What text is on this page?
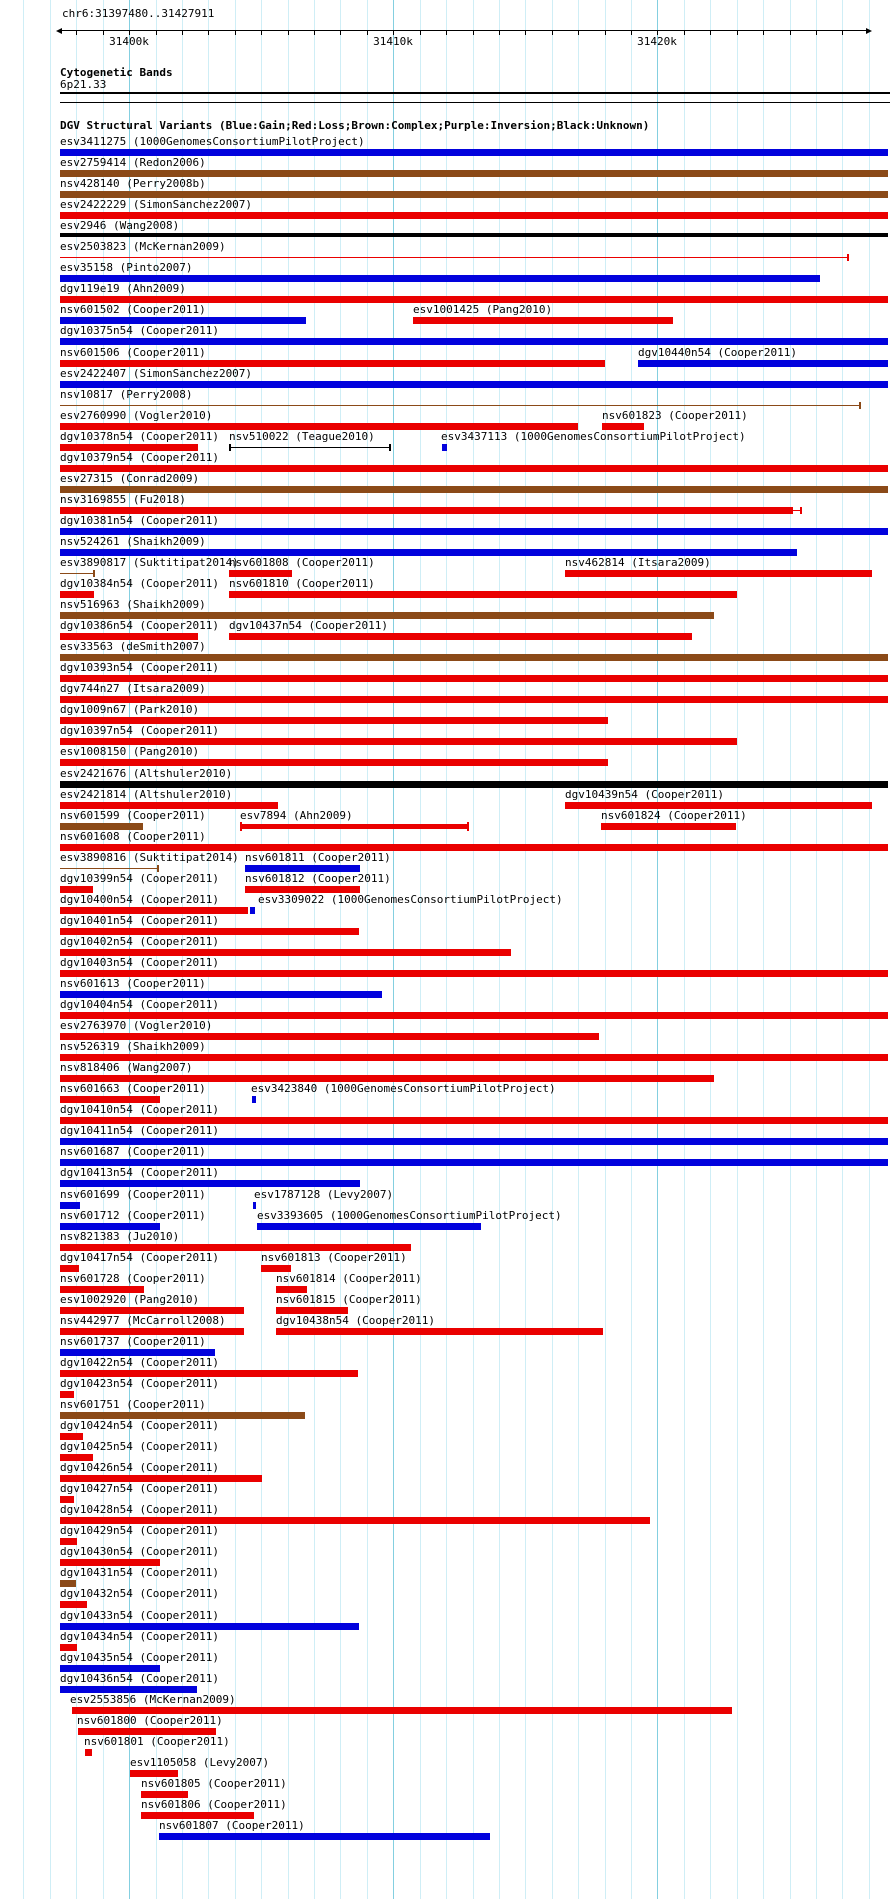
chr6:31397480..31427911
31400k	31410k	31420k
Cytogenetic Bands
6p21.33
DGV Structural Variants (Blue:Gain;Red:Loss;Brown:Complex;Purple:Inversion;Black:Unknown)
esv3411275 (1000GenomesConsortiumPilotProject)
esv2759414 (Redon2006)
nsv428140 (Perry2008b)
esv2422229 (SimonSanchez2007)
esv2946 (Wang2008)
esv2503823 (McKernan2009)
esv35158 (Pinto2007)
dgv119e19 (Ahn2009)
nsv601502 (Cooper2011)	esv1001425 (Pang2010)
dgv10375n54 (Cooper2011)
nsv601506 (Cooper2011)	dgv10440n54 (Cooper2011)
esv2422407 (SimonSanchez2007)
nsv10817 (Perry2008)
esv2760990 (Vogler2010)	nsv601823 (Cooper2011)
dgv10378n54 (Cooper2011) nsv510022 (Teague2010)	esv3437113 (1000GenomesConsortiumPilotProject)
dgv10379n54 (Cooper2011)
esv27315 (Conrad2009)
nsv3169855 (Fu2018)
dgv10381n54 (Cooper2011)
nsv524261 (Shaikh2009)
esv3890817 (Suktitipat2014)
nsv601808 (Cooper2011)	nsv462814 (Itsara2009)
dgv10384n54 (Cooper2011) nsv601810 (Cooper2011)
nsv516963 (Shaikh2009)
dgv10386n54 (Cooper2011) dgv10437n54 (Cooper2011)
esv33563 (deSmith2007)
dgv10393n54 (Cooper2011)
dgv744n27 (Itsara2009)
dgv1009n67 (Park2010)
dgv10397n54 (Cooper2011)
esv1008150 (Pang2010)
esv2421676 (Altshuler2010)
esv2421814 (Altshuler2010)	dgv10439n54 (Cooper2011)
nsv601599 (Cooper2011)	esv7894 (Ahn2009)	nsv601824 (Cooper2011)
nsv601608 (Cooper2011)
esv3890816 (Suktitipat2014) nsv601811 (Cooper2011)
dgv10399n54 (Cooper2011) nsv601812 (Cooper2011)
dgv10400n54 (Cooper2011)	esv3309022 (1000GenomesConsortiumPilotProject)
dgv10401n54 (Cooper2011)
dgv10402n54 (Cooper2011)
dgv10403n54 (Cooper2011)
nsv601613 (Cooper2011)
dgv10404n54 (Cooper2011)
esv2763970 (Vogler2010)
nsv526319 (Shaikh2009)
nsv818406 (Wang2007)
nsv601663 (Cooper2011)	esv3423840 (1000GenomesConsortiumPilotProject)
dgv10410n54 (Cooper2011)
dgv10411n54 (Cooper2011)
nsv601687 (Cooper2011)
dgv10413n54 (Cooper2011)
nsv601699 (Cooper2011)	esv1787128 (Levy2007)
nsv601712 (Cooper2011)	esv3393605 (1000GenomesConsortiumPilotProject)
nsv821383 (Ju2010)
dgv10417n54 (Cooper2011)	nsv601813 (Cooper2011)
nsv601728 (Cooper2011)	nsv601814 (Cooper2011)
esv1002920 (Pang2010)	nsv601815 (Cooper2011)
nsv442977 (McCarroll2008)	dgv10438n54 (Cooper2011)
nsv601737 (Cooper2011)
dgv10422n54 (Cooper2011)
dgv10423n54 (Cooper2011)
nsv601751 (Cooper2011)
dgv10424n54 (Cooper2011)
dgv10425n54 (Cooper2011)
dgv10426n54 (Cooper2011)
dgv10427n54 (Cooper2011)
dgv10428n54 (Cooper2011)
dgv10429n54 (Cooper2011)
dgv10430n54 (Cooper2011)
dgv10431n54 (Cooper2011)
dgv10432n54 (Cooper2011)
dgv10433n54 (Cooper2011)
dgv10434n54 (Cooper2011)
dgv10435n54 (Cooper2011)
dgv10436n54 (Cooper2011)
esv2553856 (McKernan2009)
nsv601800 (Cooper2011)
nsv601801 (Cooper2011)
esv1105058 (Levy2007)
nsv601805 (Cooper2011)
nsv601806 (Cooper2011)
nsv601807 (Cooper2011)
